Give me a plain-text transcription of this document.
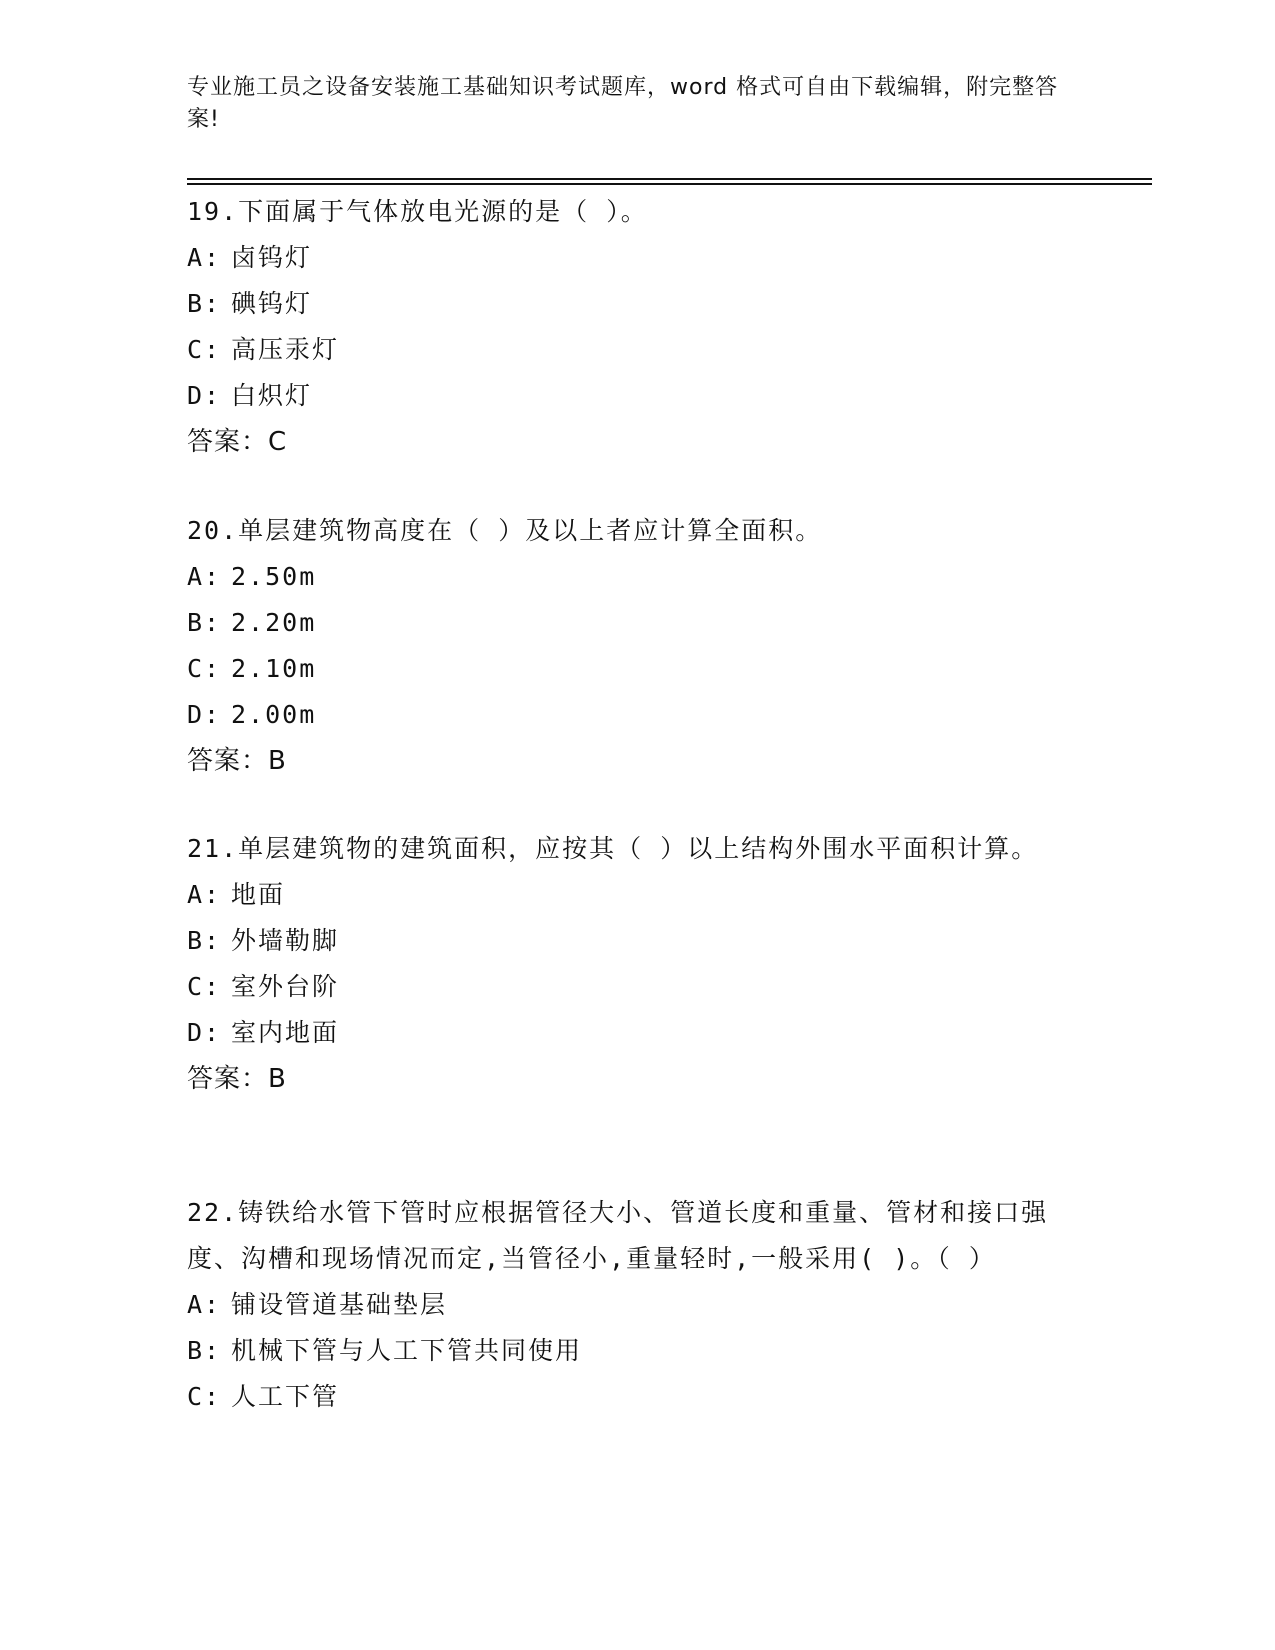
专业施工员之设备安装施工基础知识考试题库，word 格式可自由下载编辑，附完整答案!

19.下面属于气体放电光源的是（ ）。

A: 卤钨灯

B: 碘钨灯

C: 高压汞灯

D: 白炽灯

答案：C

20.单层建筑物高度在（ ）及以上者应计算全面积。

A: 2.50m

B: 2.20m

C: 2.10m

D: 2.00m

答案：B

21.单层建筑物的建筑面积，应按其（ ）以上结构外围水平面积计算。

A: 地面

B: 外墙勒脚

C: 室外台阶

D: 室内地面

答案：B

22.铸铁给水管下管时应根据管径大小、管道长度和重量、管材和接口强度、沟槽和现场情况而定,当管径小,重量轻时,一般采用( )。（ ）

A: 铺设管道基础垫层

B: 机械下管与人工下管共同使用

C: 人工下管
